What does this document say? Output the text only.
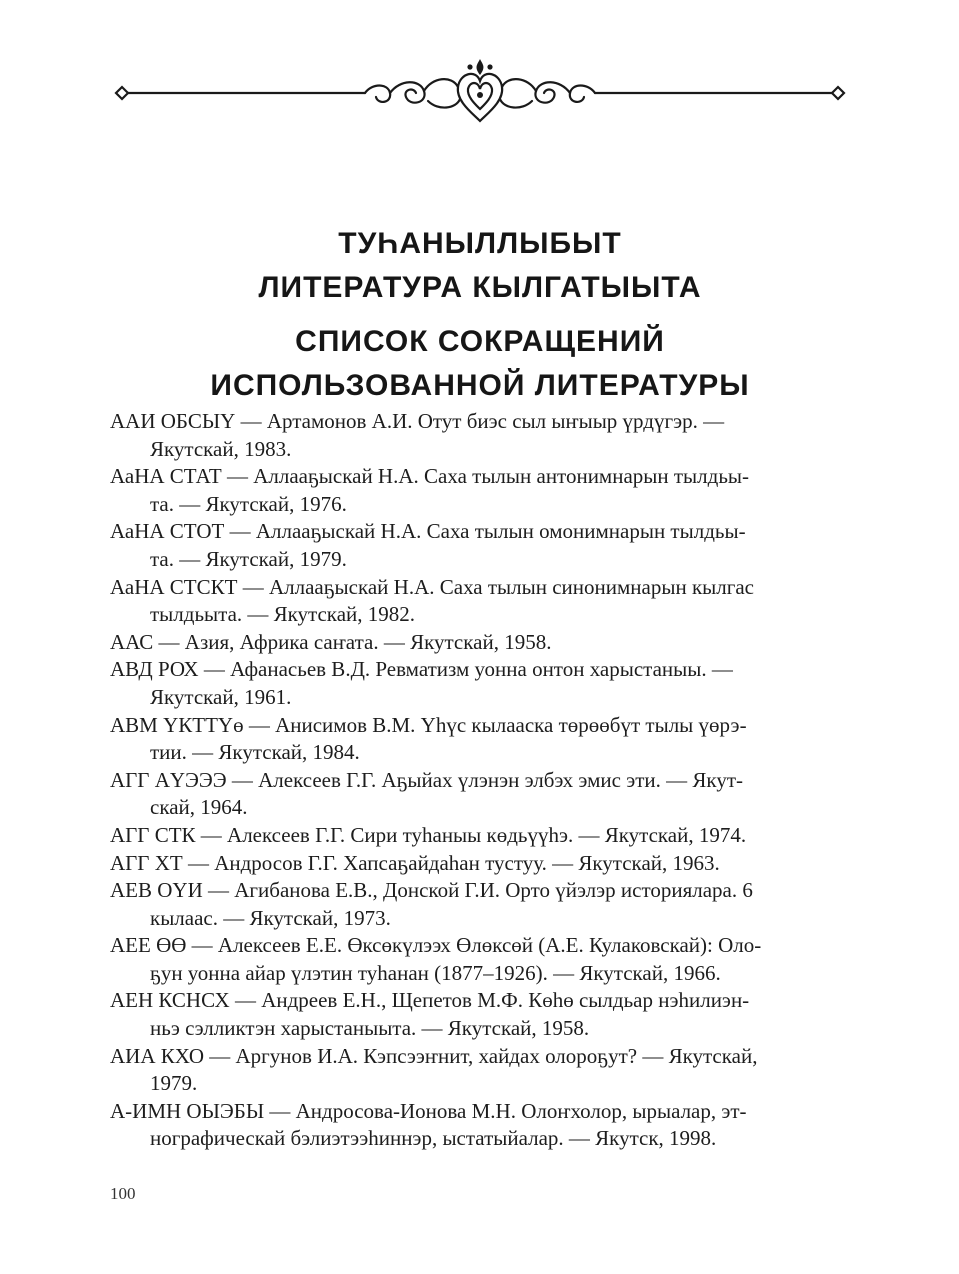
ТУҺАНЫЛЛЫБЫТ

ЛИТЕРАТУРА КЫЛГАТЫЫТА

СПИСОК СОКРАЩЕНИЙ

ИСПОЛЬЗОВАННОЙ ЛИТЕРАТУРЫ

ААИ ОБСЫҮ — Артамонов А.И. Отут биэс сыл ыҥыыр үрдүгэр. —
Якутскай, 1983.

АаНА СТАТ — Аллааҕыскай Н.А. Саха тылын антонимнарын тылдьы-
та. — Якутскай, 1976.

АаНА СТОТ — Аллааҕыскай Н.А. Саха тылын омонимнарын тылдьы-
та. — Якутскай, 1979.

АаНА СТСКТ — Аллааҕыскай Н.А. Саха тылын синонимнарын кылгас
тылдьыта. — Якутскай, 1982.

ААС — Азия, Африка саҥата. — Якутскай, 1958.

АВД РОХ — Афанасьев В.Д. Ревматизм уонна онтон харыстаныы. —
Якутскай, 1961.

АВМ ҮКТТҮө — Анисимов В.М. Үһүс кылааска төрөөбүт тылы үөрэ-
тии. — Якутскай, 1984.

АГГ АҮЭЭЭ — Алексеев Г.Г. Аҕыйах үлэнэн элбэх эмис эти. — Якут-
скай, 1964.

АГГ СТК — Алексеев Г.Г. Сири туһаныы көдьүүһэ. — Якутскай, 1974.

АГГ ХТ — Андросов Г.Г. Хапсаҕайдаһан тустуу. — Якутскай, 1963.

АЕВ ОҮИ — Агибанова Е.В., Донской Г.И. Орто үйэлэр историялара. 6
кылаас. — Якутскай, 1973.

АЕЕ ӨӨ — Алексеев Е.Е. Өксөкүлээх Өлөксөй (А.Е. Кулаковскай): Оло-
ҕун уонна айар үлэтин туһанан (1877–1926). — Якутскай, 1966.

АЕН КСНСХ — Андреев Е.Н., Щепетов М.Ф. Көһө сылдьар нэһилиэн-
ньэ сэлликтэн харыстаныыта. — Якутскай, 1958.

АИА КХО — Аргунов И.А. Кэпсээҥнит, хайдах олороҕут? — Якутскай,
1979.

А-ИМН ОЫЭБЫ — Андросова-Ионова М.Н. Олоҥхолор, ырыалар, эт-
нографическай бэлиэтээһиннэр, ыстатыйалар. — Якутск, 1998.

100
